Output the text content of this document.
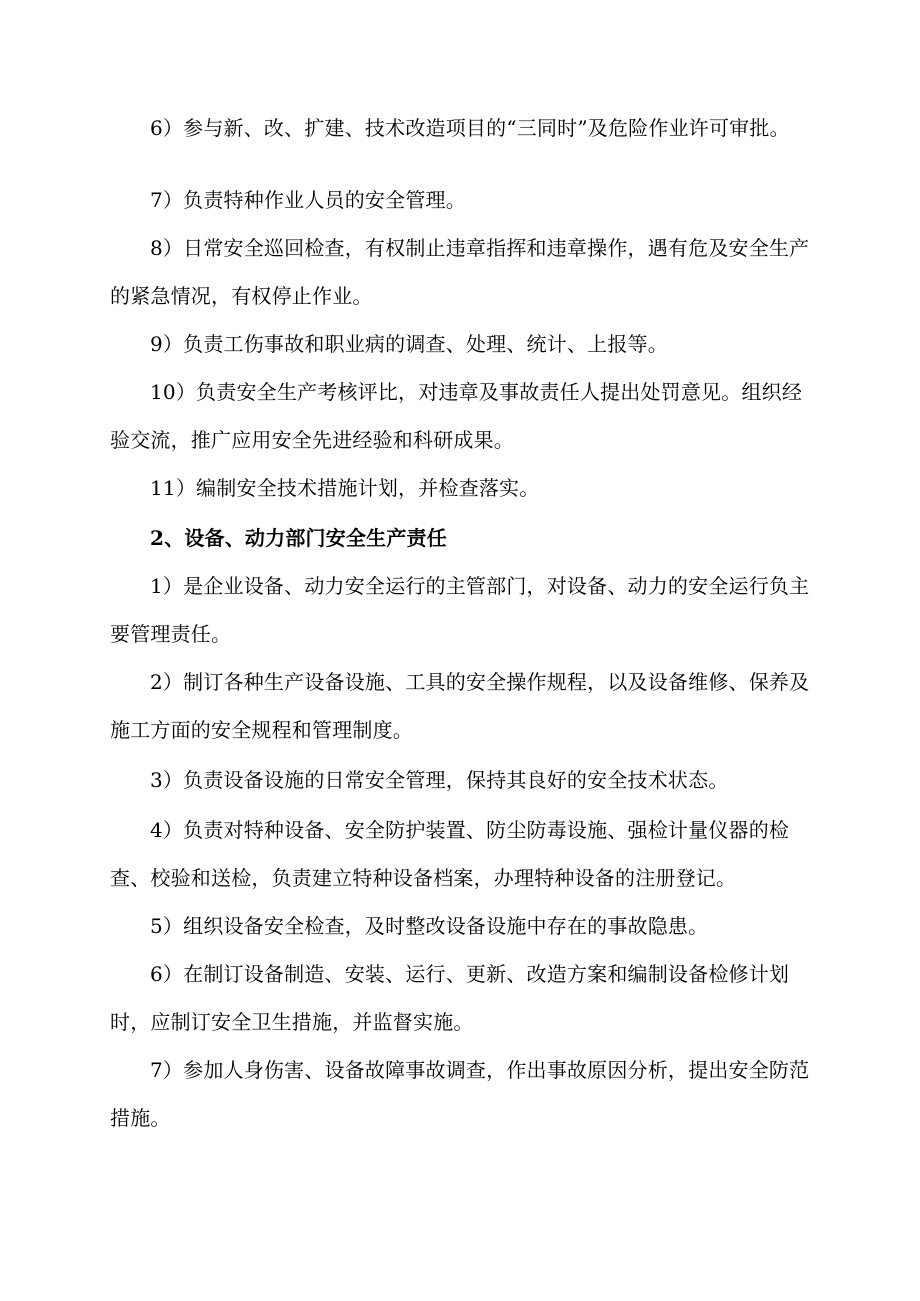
6）参与新、改、扩建、技术改造项目的“三同时”及危险作业许可审批。

7）负责特种作业人员的安全管理。

8）日常安全巡回检查，有权制止违章指挥和违章操作，遇有危及安全生产的紧急情况，有权停止作业。

9）负责工伤事故和职业病的调查、处理、统计、上报等。

10）负责安全生产考核评比，对违章及事故责任人提出处罚意见。组织经验交流，推广应用安全先进经验和科研成果。

11）编制安全技术措施计划，并检查落实。

2、设备、动力部门安全生产责任

1）是企业设备、动力安全运行的主管部门，对设备、动力的安全运行负主要管理责任。

2）制订各种生产设备设施、工具的安全操作规程，以及设备维修、保养及施工方面的安全规程和管理制度。

3）负责设备设施的日常安全管理，保持其良好的安全技术状态。

4）负责对特种设备、安全防护装置、防尘防毒设施、强检计量仪器的检查、校验和送检，负责建立特种设备档案，办理特种设备的注册登记。

5）组织设备安全检查，及时整改设备设施中存在的事故隐患。

6）在制订设备制造、安装、运行、更新、改造方案和编制设备检修计划时，应制订安全卫生措施，并监督实施。

7）参加人身伤害、设备故障事故调查，作出事故原因分析，提出安全防范措施。
